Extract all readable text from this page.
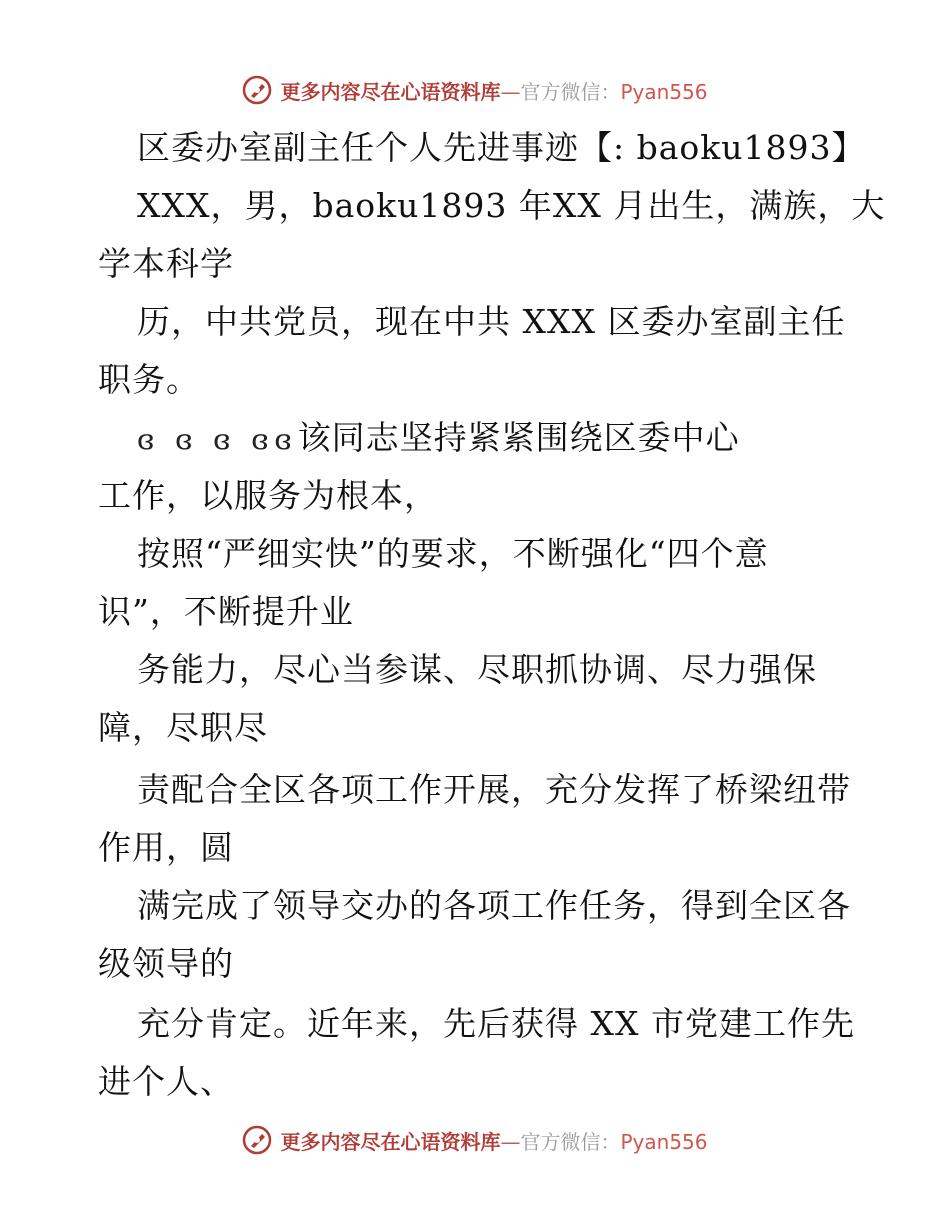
更多内容尽在心语资料库—官方微信：Pyan556
区委办室副主任个人先进事迹【: baoku1893】
XXX，男，baoku1893 年XX 月出生，满族，大
学本科学
历，中共党员，现在中共 XXX 区委办室副主任
职务。
ɞ ɞ ɞ ɞɞ该同志坚持紧紧围绕区委中心
工作，以服务为根本，
按照“严细实快”的要求，不断强化“四个意
识”，不断提升业
务能力，尽心当参谋、尽职抓协调、尽力强保
障，尽职尽
责配合全区各项工作开展，充分发挥了桥梁纽带
作用，圆
满完成了领导交办的各项工作任务，得到全区各
级领导的
充分肯定。近年来，先后获得 XX 市党建工作先
进个人、
更多内容尽在心语资料库—官方微信：Pyan556
